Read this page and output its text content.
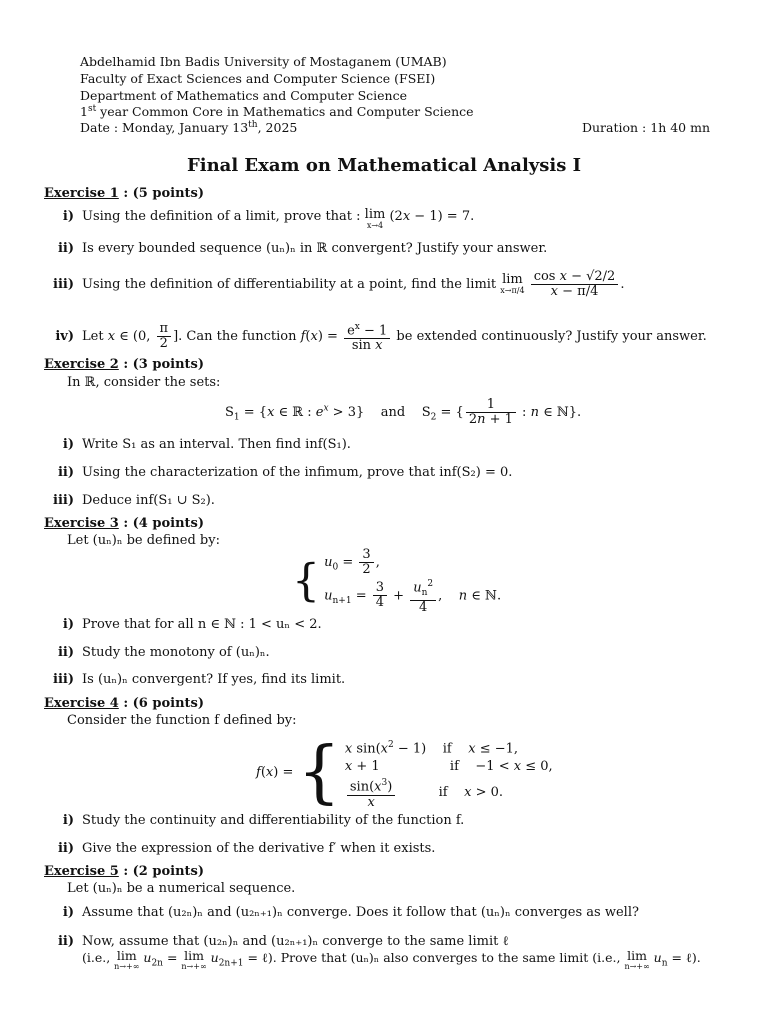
Abdelhamid Ibn Badis University of Mostaganem (UMAB)
Faculty of Exact Sciences and Computer Science (FSEI)
Department of Mathematics and Computer Science
1st year Common Core in Mathematics and Computer Science
Date : Monday, January 13th, 2025	Duration : 1h 40 mn
Final Exam on Mathematical Analysis I
Exercise 1 : (5 points)
i) Using the definition of a limit, prove that : lim
x→4
(2x − 1) = 7.
ii) Is every bounded sequence (uₙ)ₙ in ℝ convergent? Justify your answer.
iii) Using the definition of differentiability at a point, find the limit lim
x→π/4
$\frac{\text{cos x − √2/2}}{x - \pi/4}$ .
iv) Let x ∈ (0, $\frac{\pi}{2}$ ]. Can the function $f(x) = \frac{e^x - 1}{\text{sin x}}$ be extended continuously? Justify your answer.
Exercise 2 : (3 points)
In ℝ, consider the sets:
$S_1 = \{x$ ∈ ℝ : $e^x > 3$}    and    $S_2$ = { $\frac{1}{2n + 1}$ : n ∈ ℕ}.
i) Write S₁ as an interval. Then find inf(S₁).
ii) Using the characterization of the infimum, prove that inf(S₂) = 0.
iii) Deduce inf(S₁ ∪ S₂).
Exercise 3 : (4 points)
Let (uₙ)ₙ be defined by:
{ $u_0 = \frac{3}{2}$ ,
$u_{n+1} = \frac{3}{4} + \frac{u_n^2}{4}$ ,    n ∈ ℕ.
i) Prove that for all n ∈ ℕ : 1 < uₙ < 2.
ii) Study the monotony of (uₙ)ₙ.
iii) Is (uₙ)ₙ convergent? If yes, find its limit.
Exercise 4 : (6 points)
Consider the function f defined by:
f(x) = { x $\sin(x^2 - 1)$    if    x ≤ −1,
x + 1                 if    −1 < x ≤ 0,
$\frac{\sin(x^3)}{x}$ if    x > 0.
i) Study the continuity and differentiability of the function f.
ii) Give the expression of the derivative f′ when it exists.
Exercise 5 : (2 points)
Let (uₙ)ₙ be a numerical sequence.
i) Assume that (u₂ₙ)ₙ and (u₂ₙ₊₁)ₙ converge. Does it follow that (uₙ)ₙ converges as well?
ii) Now, assume that (u₂ₙ)ₙ and (u₂ₙ₊₁)ₙ converge to the same limit ℓ
(i.e., lim
n→+∞
$u_{2n} = \lim$
n→+∞
$u_{2n+1}$ = ℓ). Prove that (uₙ)ₙ also converges to the same limit (i.e., lim
n→+∞
$u_n$ = ℓ).
